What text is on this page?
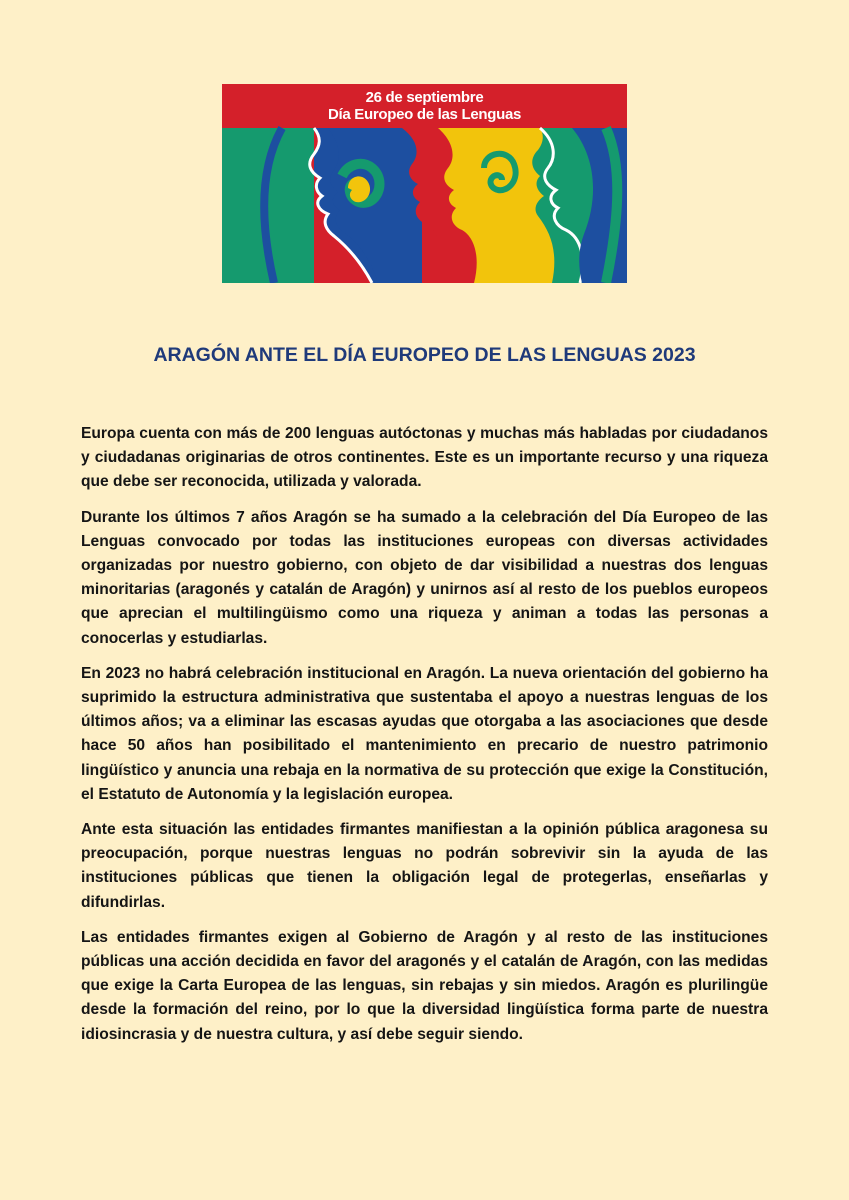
26 de septiembre
Día Europeo de las Lenguas
ARAGÓN ANTE EL DÍA EUROPEO DE LAS LENGUAS 2023

Europa cuenta con más de 200 lenguas autóctonas y muchas más habladas por ciudadanos y ciudadanas originarias de otros continentes. Este es un importante recurso y una riqueza que debe ser reconocida, utilizada y valorada.

Durante los últimos 7 años Aragón se ha sumado a la celebración del Día Europeo de las Lenguas convocado por todas las instituciones europeas con diversas actividades organizadas por nuestro gobierno, con objeto de dar visibilidad a nuestras dos lenguas minoritarias (aragonés y catalán de Aragón) y unirnos así al resto de los pueblos europeos que aprecian el multilingüismo como una riqueza y animan a todas las personas a conocerlas y estudiarlas.

En 2023 no habrá celebración institucional en Aragón. La nueva orientación del gobierno ha suprimido la estructura administrativa que sustentaba el apoyo a nuestras lenguas de los últimos años; va a eliminar las escasas ayudas que otorgaba a las asociaciones que desde hace 50 años han posibilitado el mantenimiento en precario de nuestro patrimonio lingüístico y anuncia una rebaja en la normativa de su protección que exige la Constitución, el Estatuto de Autonomía y la legislación europea.

Ante esta situación las entidades firmantes manifiestan a la opinión pública aragonesa su preocupación, porque nuestras lenguas no podrán sobrevivir sin la ayuda de las instituciones públicas que tienen la obligación legal de protegerlas, enseñarlas y difundirlas.

Las entidades firmantes exigen al Gobierno de Aragón y al resto de las instituciones públicas una acción decidida en favor del aragonés y el catalán de Aragón, con las medidas que exige la Carta Europea de las lenguas, sin rebajas y sin miedos. Aragón es plurilingüe desde la formación del reino, por lo que la diversidad lingüística forma parte de nuestra idiosincrasia y de nuestra cultura, y así debe seguir siendo.
